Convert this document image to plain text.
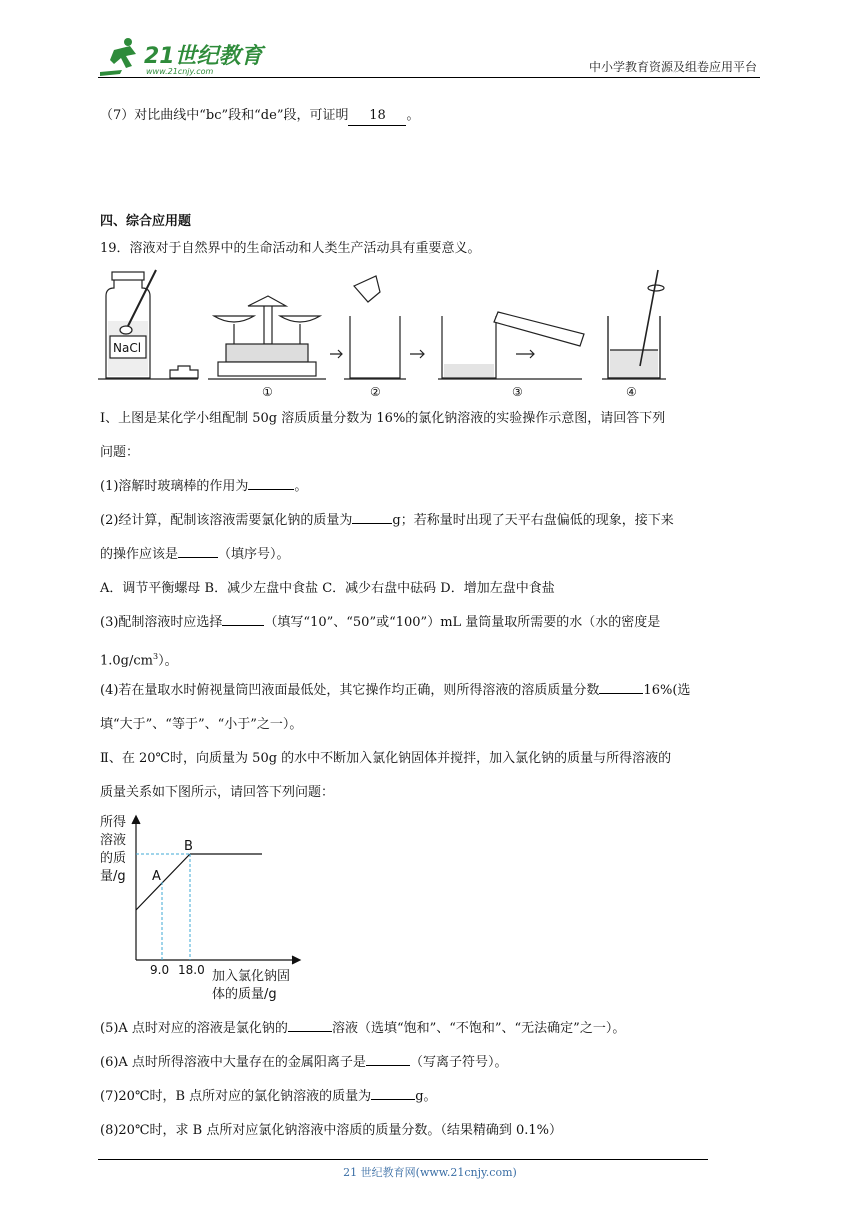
21世纪教育
www.21cnjy.com	中小学教育资源及组卷应用平台
（7）对比曲线中“bc”段和“de”段，可证明 18 。
四、综合应用题
19．溶液对于自然界中的生命活动和人类生产活动具有重要意义。
NaCl
①	②	③	④
Ⅰ、上图是某化学小组配制 50g 溶质质量分数为 16%的氯化钠溶液的实验操作示意图，请回答下列
问题：
(1)溶解时玻璃棒的作用为	。
(2)经计算，配制该溶液需要氯化钠的质量为	g；若称量时出现了天平右盘偏低的现象，接下来
的操作应该是	（填序号）。
A．调节平衡螺母 B．减少左盘中食盐 C．减少右盘中砝码 D．增加左盘中食盐
(3)配制溶液时应选择	（填写“10”、“50”或“100”）mL 量筒量取所需要的水（水的密度是
$1.0g/cm^3$）。
(4)若在量取水时俯视量筒凹液面最低处，其它操作均正确，则所得溶液的溶质质量分数	16%(选
填“大于”、“等于”、“小于”之一）。
Ⅱ、在 20℃时，向质量为 50g 的水中不断加入氯化钠固体并搅拌，加入氯化钠的质量与所得溶液的
质量关系如下图所示，请回答下列问题：
所得
溶液
的质
量/g
加入氯化钠固
体的质量/g
A
B
9.0 18.0
(5)A 点时对应的溶液是氯化钠的	溶液（选填“饱和”、“不饱和”、“无法确定”之一）。
(6)A 点时所得溶液中大量存在的金属阳离子是	（写离子符号）。
(7)20℃时，B 点所对应的氯化钠溶液的质量为	g。
(8)20℃时，求 B 点所对应氯化钠溶液中溶质的质量分数。（结果精确到 0.1%）
21 世纪教育网(www.21cnjy.com)
